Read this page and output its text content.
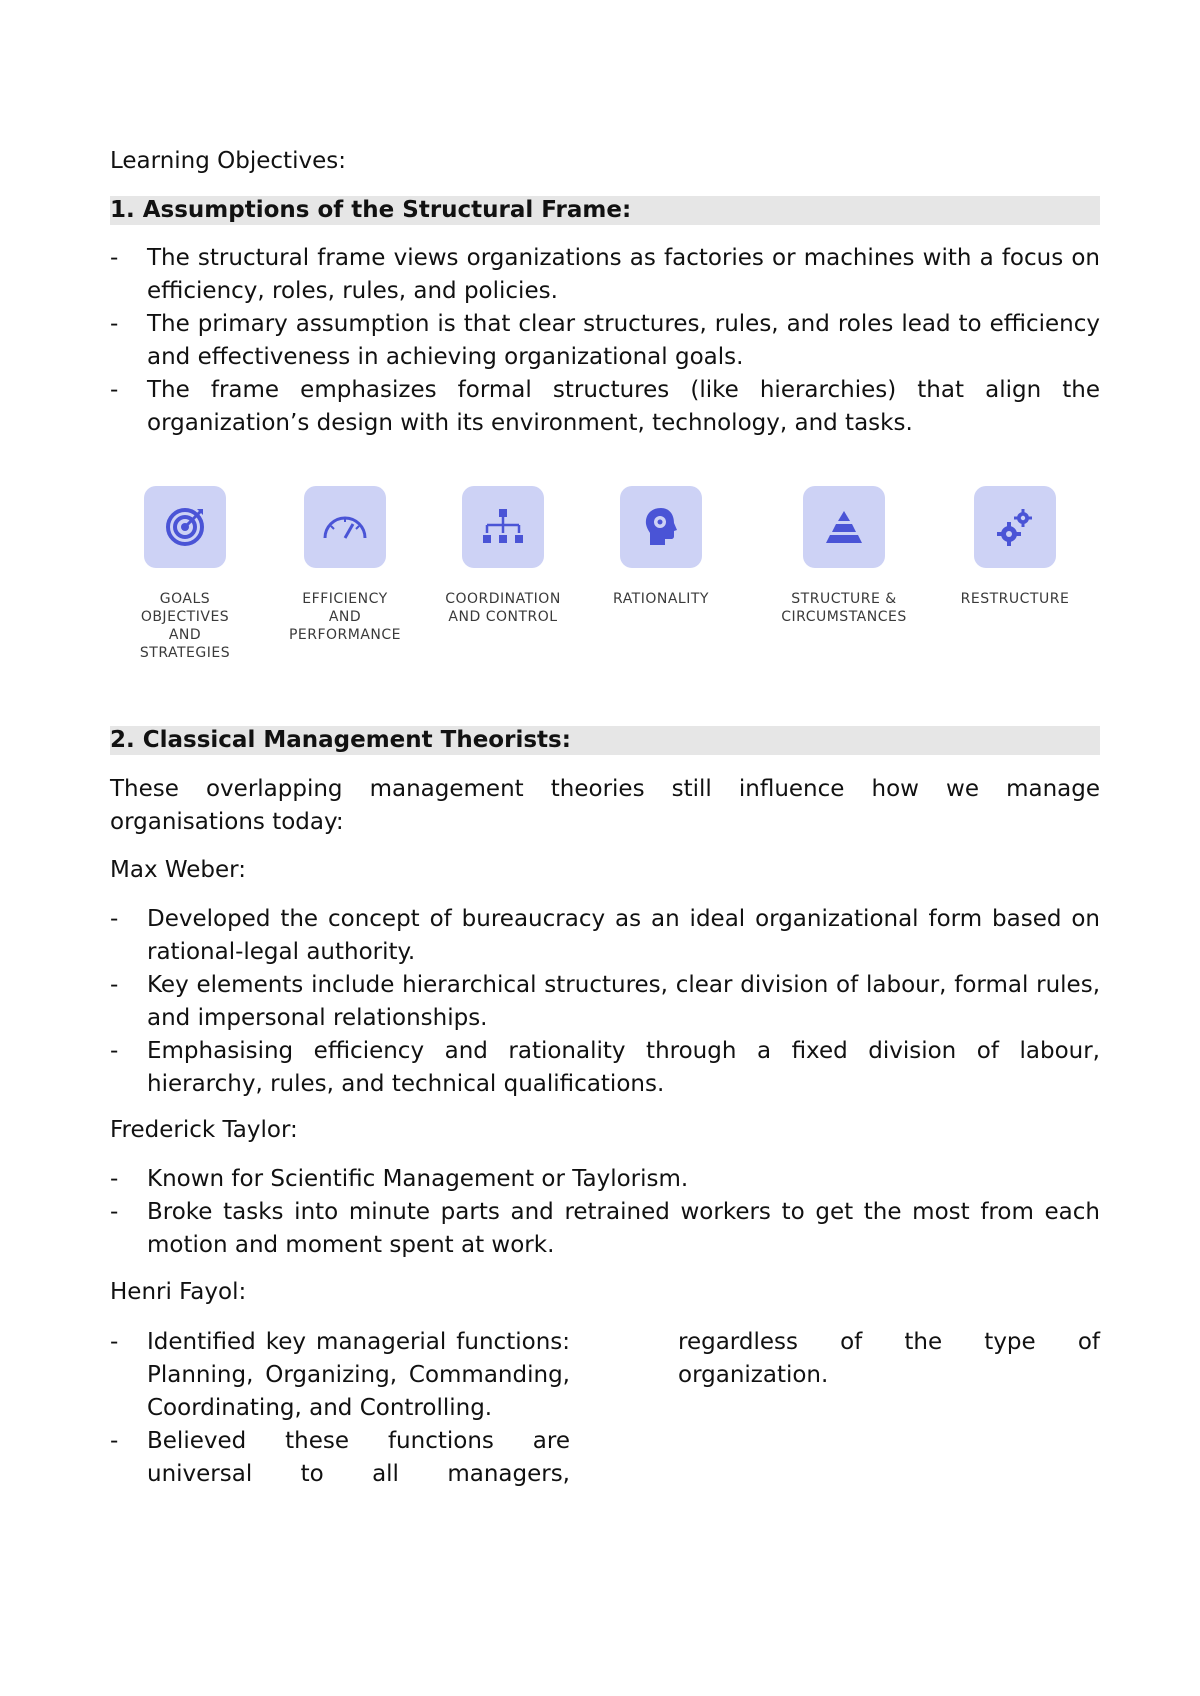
Learning Objectives:
1. Assumptions of the Structural Frame:
- The structural frame views organizations as factories or machines with a focus on efficiency, roles, rules, and policies.
- The primary assumption is that clear structures, rules, and roles lead to efficiency and effectiveness in achieving organizational goals.
- The frame emphasizes formal structures (like hierarchies) that align the organization’s design with its environment, technology, and tasks.
GOALS
OBJECTIVES
AND
STRATEGIES
EFFICIENCY
AND
PERFORMANCE
COORDINATION
AND CONTROL
RATIONALITY	STRUCTURE &
CIRCUMSTANCES
RESTRUCTURE
2. Classical Management Theorists:
These overlapping management theories still influence how we manage organisations today:
Max Weber:
- Developed the concept of bureaucracy as an ideal organizational form based on rational-legal authority.
- Key elements include hierarchical structures, clear division of labour, formal rules, and impersonal relationships.
- Emphasising efficiency and rationality through a fixed division of labour, hierarchy, rules, and technical qualifications.
Frederick Taylor:
- Known for Scientific Management or Taylorism.
- Broke tasks into minute parts and retrained workers to get the most from each motion and moment spent at work.
Henri Fayol:
- Identified key managerial functions: Planning, Organizing, Commanding, Coordinating, and Controlling.
- Believed these functions are universal to all managers,
regardless of the type of organization.
